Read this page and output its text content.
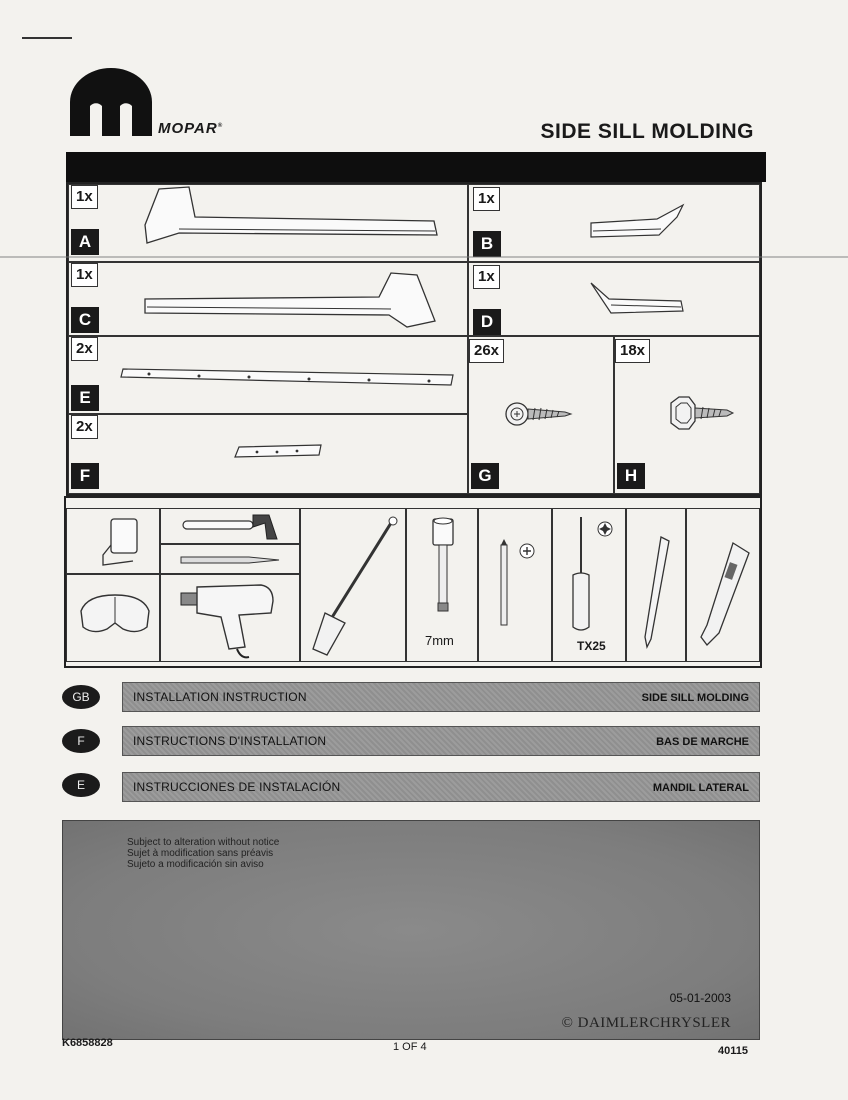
MOPAR®	SIDE SILL MOLDING
1x
A
1x
B
1x
C
1x
D
2x
E
2x
F
26x
G
18x
H
7mm	TX25
GB	INSTALLATION INSTRUCTION	SIDE SILL MOLDING
F	INSTRUCTIONS D'INSTALLATION	BAS DE MARCHE
E	INSTRUCCIONES DE INSTALACIÓN	MANDIL LATERAL
Subject to alteration without notice
Sujet à modification sans préavis
Sujeto a modificación sin aviso
05-01-2003
© DAIMLERCHRYSLER
K6858828	1 OF 4	40115
